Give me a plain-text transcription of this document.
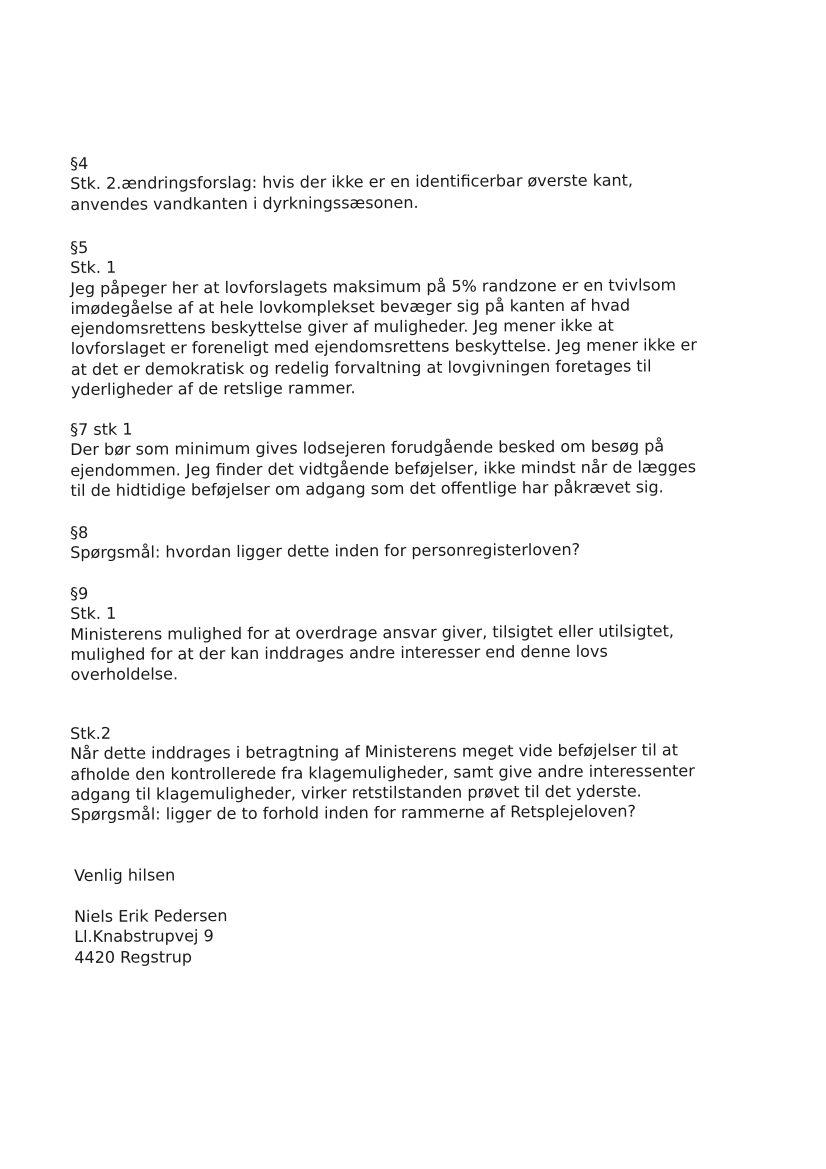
§4
Stk. 2.ændringsforslag: hvis der ikke er en identificerbar øverste kant,
anvendes vandkanten i dyrkningssæsonen.
§5
Stk. 1
Jeg påpeger her at lovforslagets maksimum på 5% randzone er en tvivlsom
imødegåelse af at hele lovkomplekset bevæger sig på kanten af hvad
ejendomsrettens beskyttelse giver af muligheder. Jeg mener ikke at
lovforslaget er foreneligt med ejendomsrettens beskyttelse. Jeg mener ikke er
at det er demokratisk og redelig forvaltning at lovgivningen foretages til
yderligheder af de retslige rammer.
§7 stk 1
Der bør som minimum gives lodsejeren forudgående besked om besøg på
ejendommen. Jeg finder det vidtgående beføjelser, ikke mindst når de lægges
til de hidtidige beføjelser om adgang som det offentlige har påkrævet sig.
§8
Spørgsmål: hvordan ligger dette inden for personregisterloven?
§9
Stk. 1
Ministerens mulighed for at overdrage ansvar giver, tilsigtet eller utilsigtet,
mulighed for at der kan inddrages andre interesser end denne lovs
overholdelse.
Stk.2
Når dette inddrages i betragtning af Ministerens meget vide beføjelser til at
afholde den kontrollerede fra klagemuligheder, samt give andre interessenter
adgang til klagemuligheder, virker retstilstanden prøvet til det yderste.
Spørgsmål: ligger de to forhold inden for rammerne af Retsplejeloven?
Venlig hilsen
Niels Erik Pedersen
Ll.Knabstrupvej 9
4420 Regstrup
